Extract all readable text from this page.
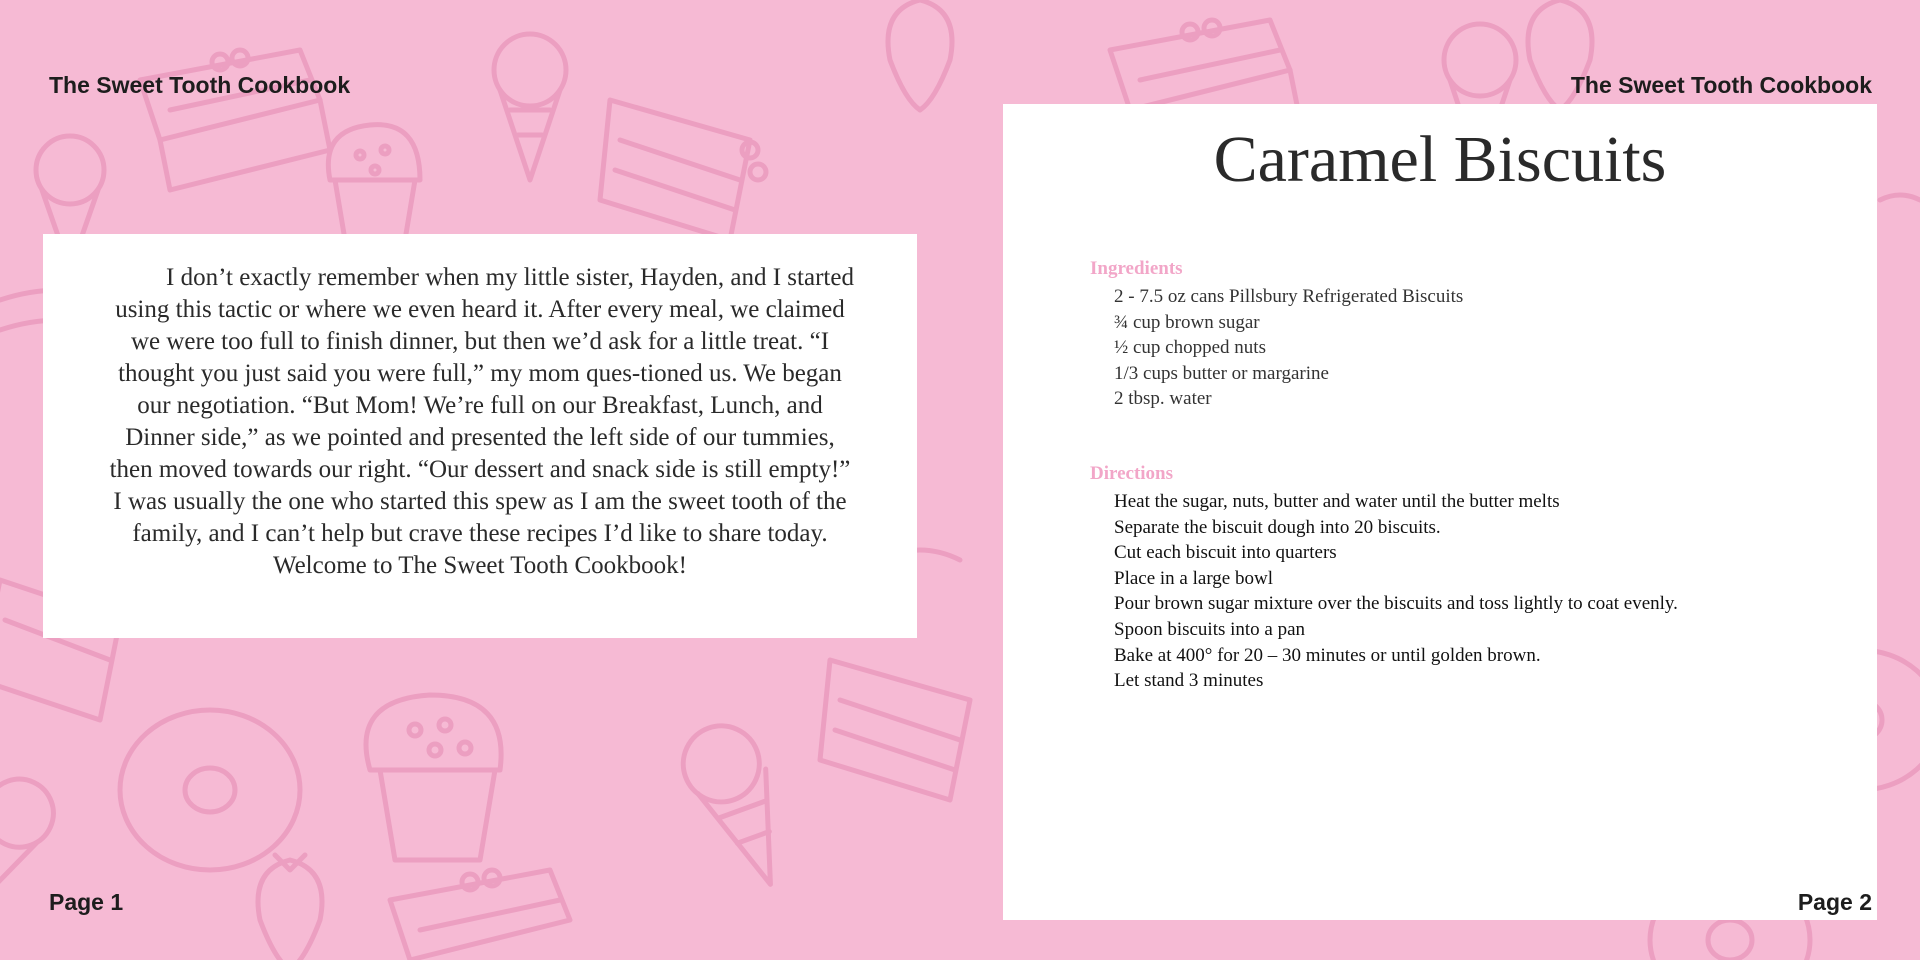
The Sweet Tooth Cookbook

I don’t exactly remember when my little sister, Hayden, and I started using this tactic or where we even heard it. After every meal, we claimed we were too full to finish dinner, but then we’d ask for a little treat. “I thought you just said you were full,” my mom ques-tioned us. We began our negotiation. “But Mom! We’re full on our Breakfast, Lunch, and Dinner side,” as we pointed and presented the left side of our tummies, then moved towards our right. “Our dessert and snack side is still empty!” I was usually the one who started this spew as I am the sweet tooth of the family, and I can’t help but crave these recipes I’d like to share today. Welcome to The Sweet Tooth Cookbook!

Page 1
The Sweet Tooth Cookbook
Caramel Biscuits
Ingredients
2 - 7.5 oz cans Pillsbury Refrigerated Biscuits
¾ cup brown sugar
½ cup chopped nuts
1/3 cups butter or margarine
2 tbsp. water
Directions
Heat the sugar, nuts, butter and water until the butter melts
Separate the biscuit dough into 20 biscuits.
Cut each biscuit into quarters
Place in a large bowl
Pour brown sugar mixture over the biscuits and toss lightly to coat evenly.
Spoon biscuits into a pan
Bake at 400° for 20 – 30 minutes or until golden brown.
Let stand 3 minutes
Page 2
